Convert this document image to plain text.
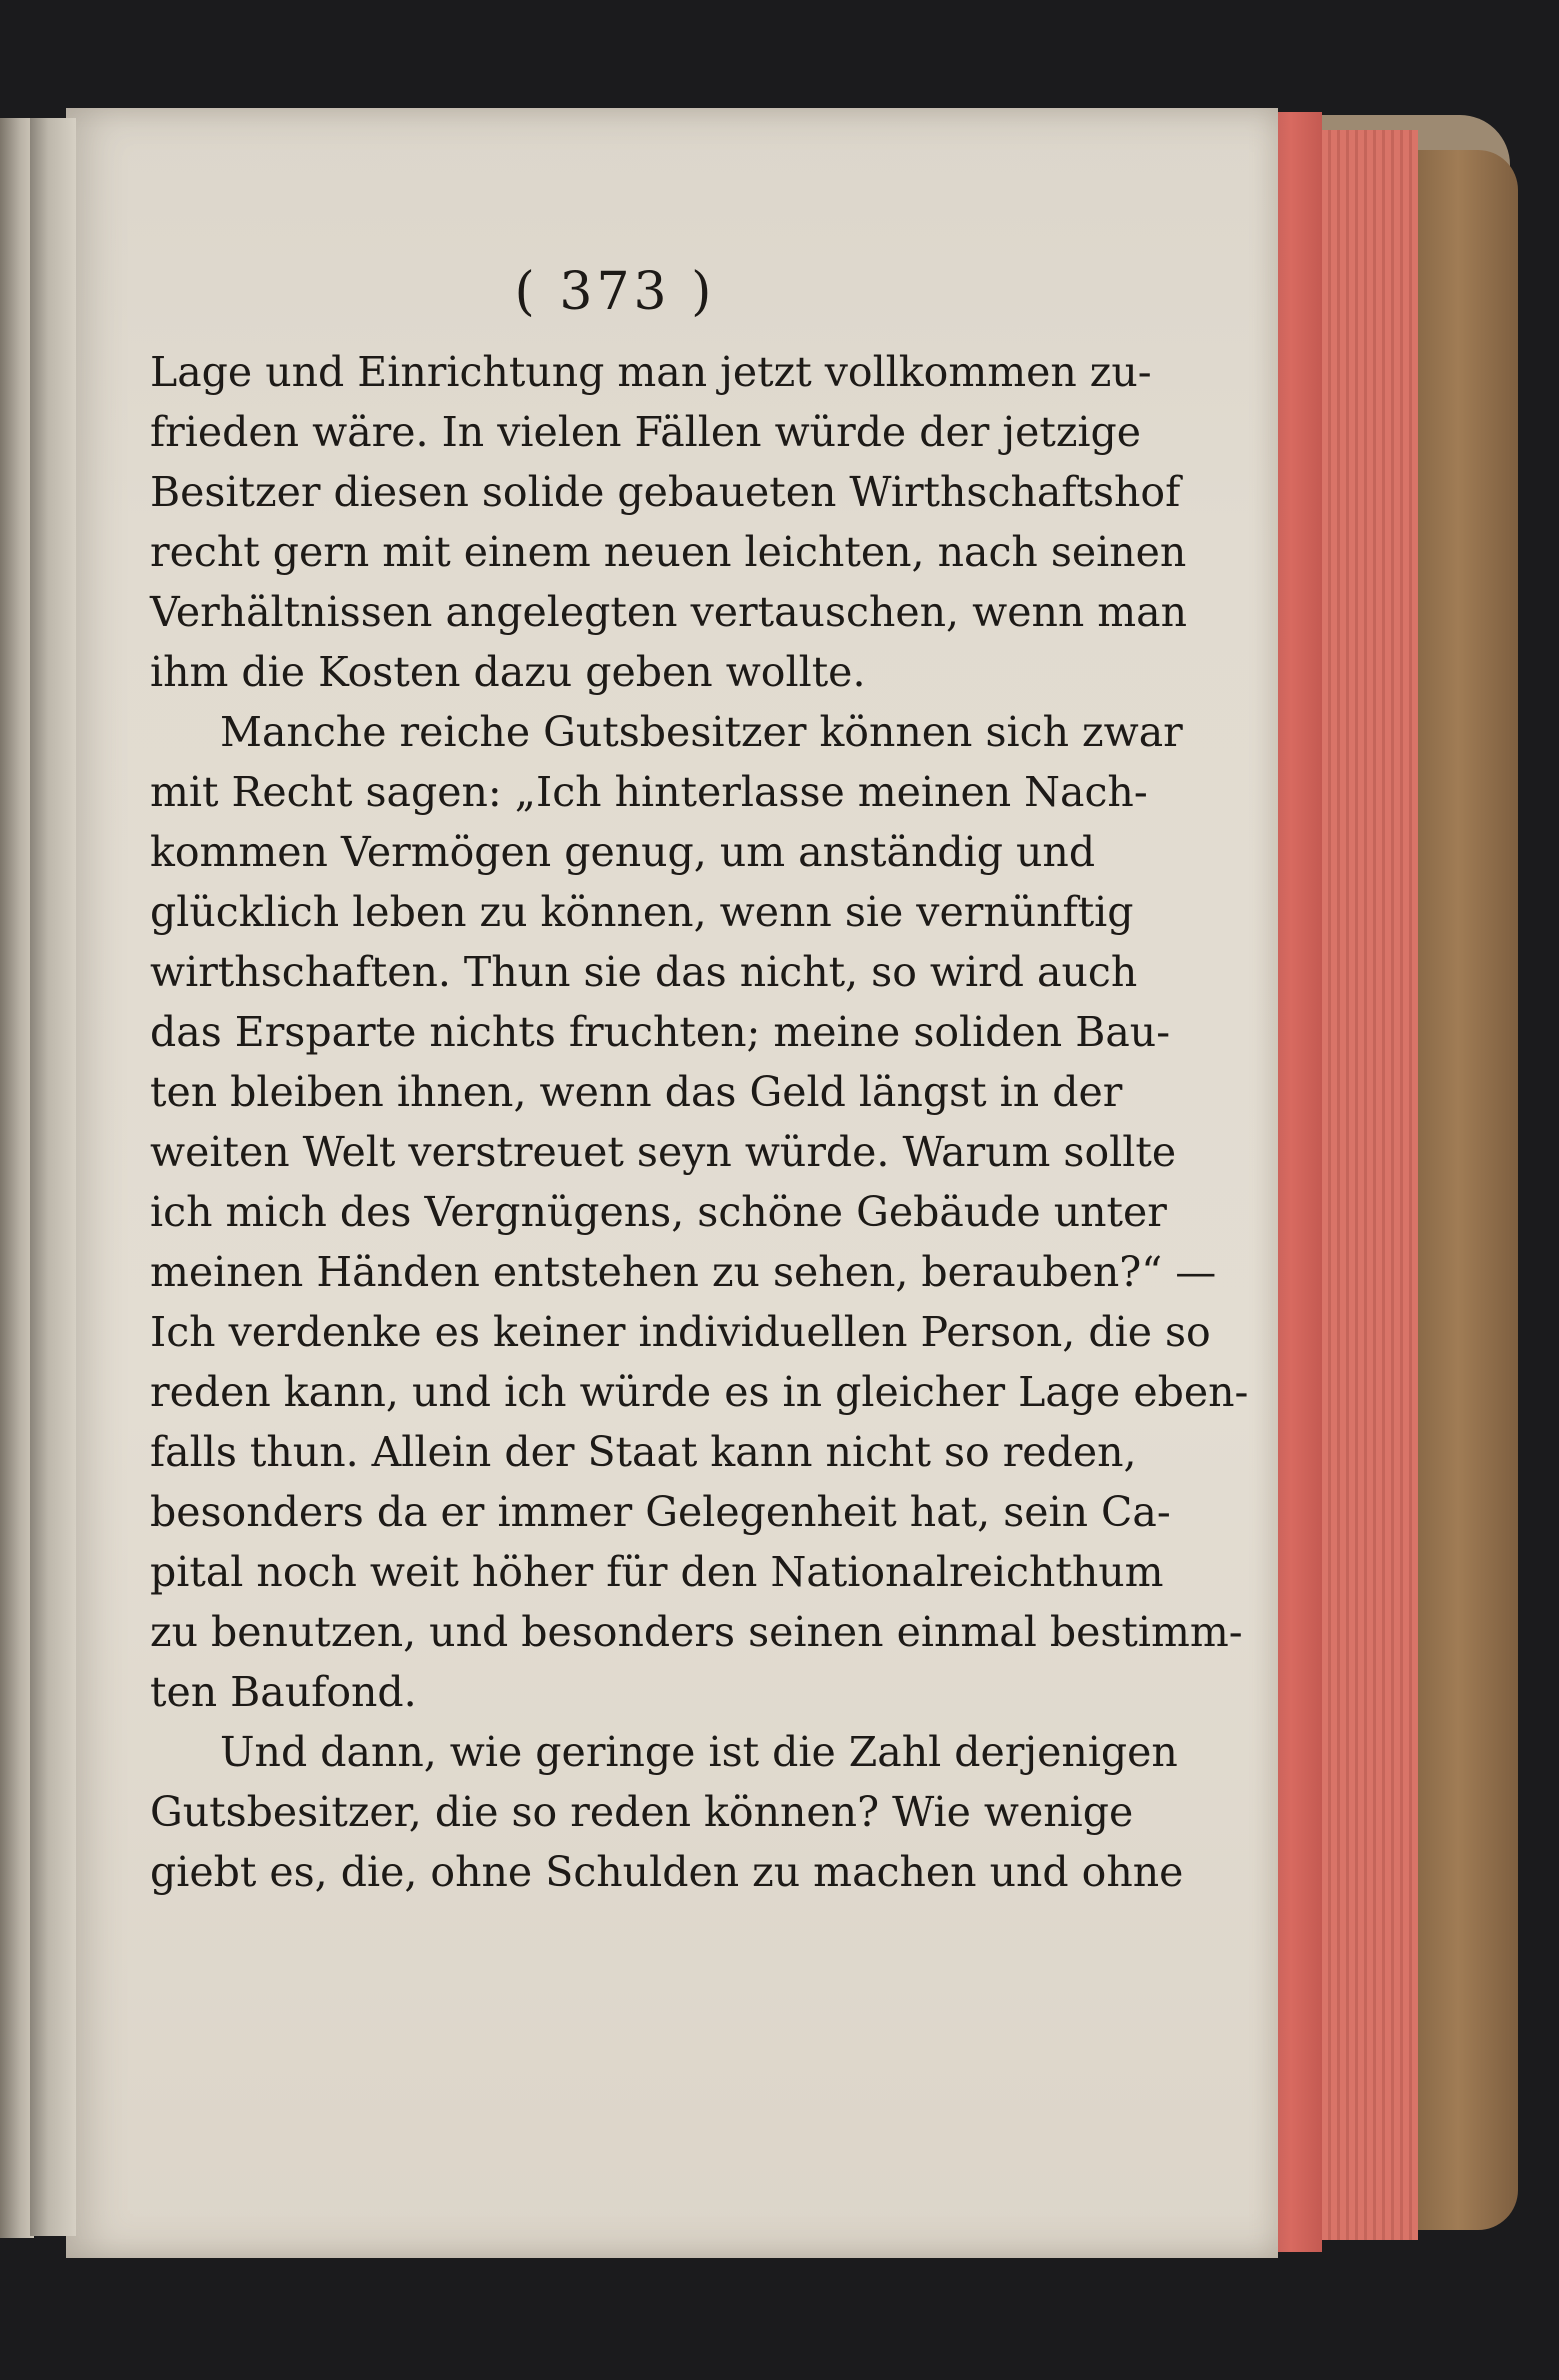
( 373 )
Lage und Einrichtung man jetzt vollkommen zu-
frieden wäre. In vielen Fällen würde der jetzige
Besitzer diesen solide gebaueten Wirthschaftshof
recht gern mit einem neuen leichten, nach seinen
Verhältnissen angelegten vertauschen, wenn man
ihm die Kosten dazu geben wollte.
Manche reiche Gutsbesitzer können sich zwar
mit Recht sagen: „Ich hinterlasse meinen Nach-
kommen Vermögen genug, um anständig und
glücklich leben zu können, wenn sie vernünftig
wirthschaften. Thun sie das nicht, so wird auch
das Ersparte nichts fruchten; meine soliden Bau-
ten bleiben ihnen, wenn das Geld längst in der
weiten Welt verstreuet seyn würde. Warum sollte
ich mich des Vergnügens, schöne Gebäude unter
meinen Händen entstehen zu sehen, berauben?“ —
Ich verdenke es keiner individuellen Person, die so
reden kann, und ich würde es in gleicher Lage eben-
falls thun. Allein der Staat kann nicht so reden,
besonders da er immer Gelegenheit hat, sein Ca-
pital noch weit höher für den Nationalreichthum
zu benutzen, und besonders seinen einmal bestimm-
ten Baufond.
Und dann, wie geringe ist die Zahl derjenigen
Gutsbesitzer, die so reden können? Wie wenige
giebt es, die, ohne Schulden zu machen und ohne
